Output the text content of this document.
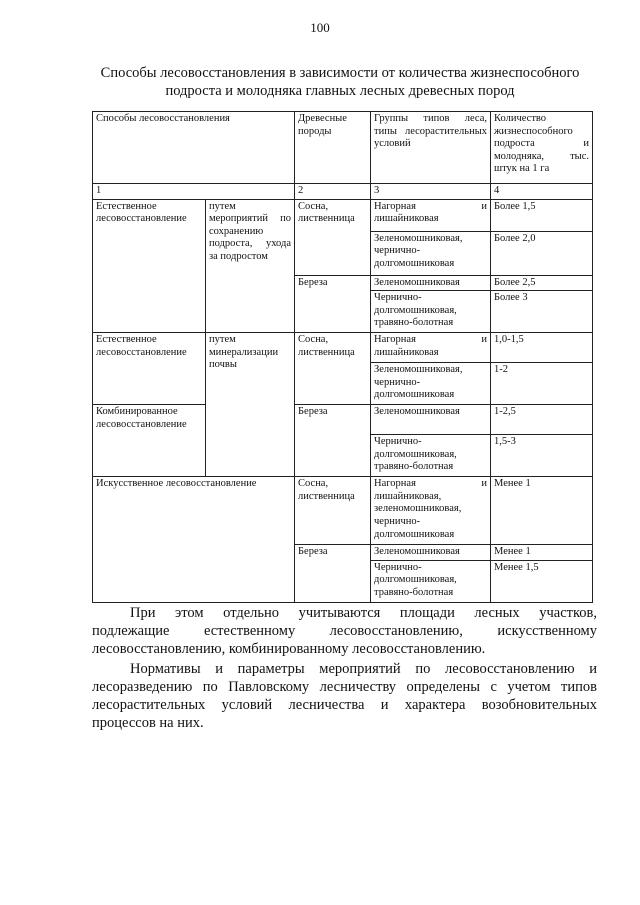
100
Способы лесовосстановления в зависимости от количества жизнеспособного
подроста и молодняка главных лесных древесных пород
Способы лесовосстановления		Древесные породы	Группы типов леса, типы лесорастительных условий	Количество жизнеспособного подроста и молодняка, тыс. штук на 1 га
1		2	3	4
Естественное лесовосстановление	путем мероприятий по сохранению подроста, ухода за подростом	Сосна, лиственница	Нагорная и лишайниковая	Более 1,5
			Зеленомошниковая, чернично-долгомошниковая	Более 2,0
		Береза	Зеленомошниковая	Более 2,5
			Чернично-долгомошниковая, травяно-болотная	Более 3
Естественное лесовосстановление	путем минерализации почвы	Сосна, лиственница	Нагорная и лишайниковая	1,0-1,5
			Зеленомошниковая, чернично-долгомошниковая	1-2
Комбинированное лесовосстановление		Береза	Зеленомошниковая	1-2,5
			Чернично-долгомошниковая, травяно-болотная	1,5-3
Искусственное лесовосстановление		Сосна, лиственница	Нагорная и лишайниковая, зеленомошниковая, чернично-долгомошниковая	Менее 1
		Береза	Зеленомошниковая	Менее 1
			Чернично-долгомошниковая, травяно-болотная	Менее 1,5
При этом отдельно учитываются площади лесных участков,
подлежащие естественному лесовосстановлению, искусственному
лесовосстановлению, комбинированному лесовосстановлению.
Нормативы и параметры мероприятий по лесовосстановлению и лесоразведению по Павловскому лесничеству определены с учетом типов лесорастительных условий лесничества и характера возобновительных процессов на них.
